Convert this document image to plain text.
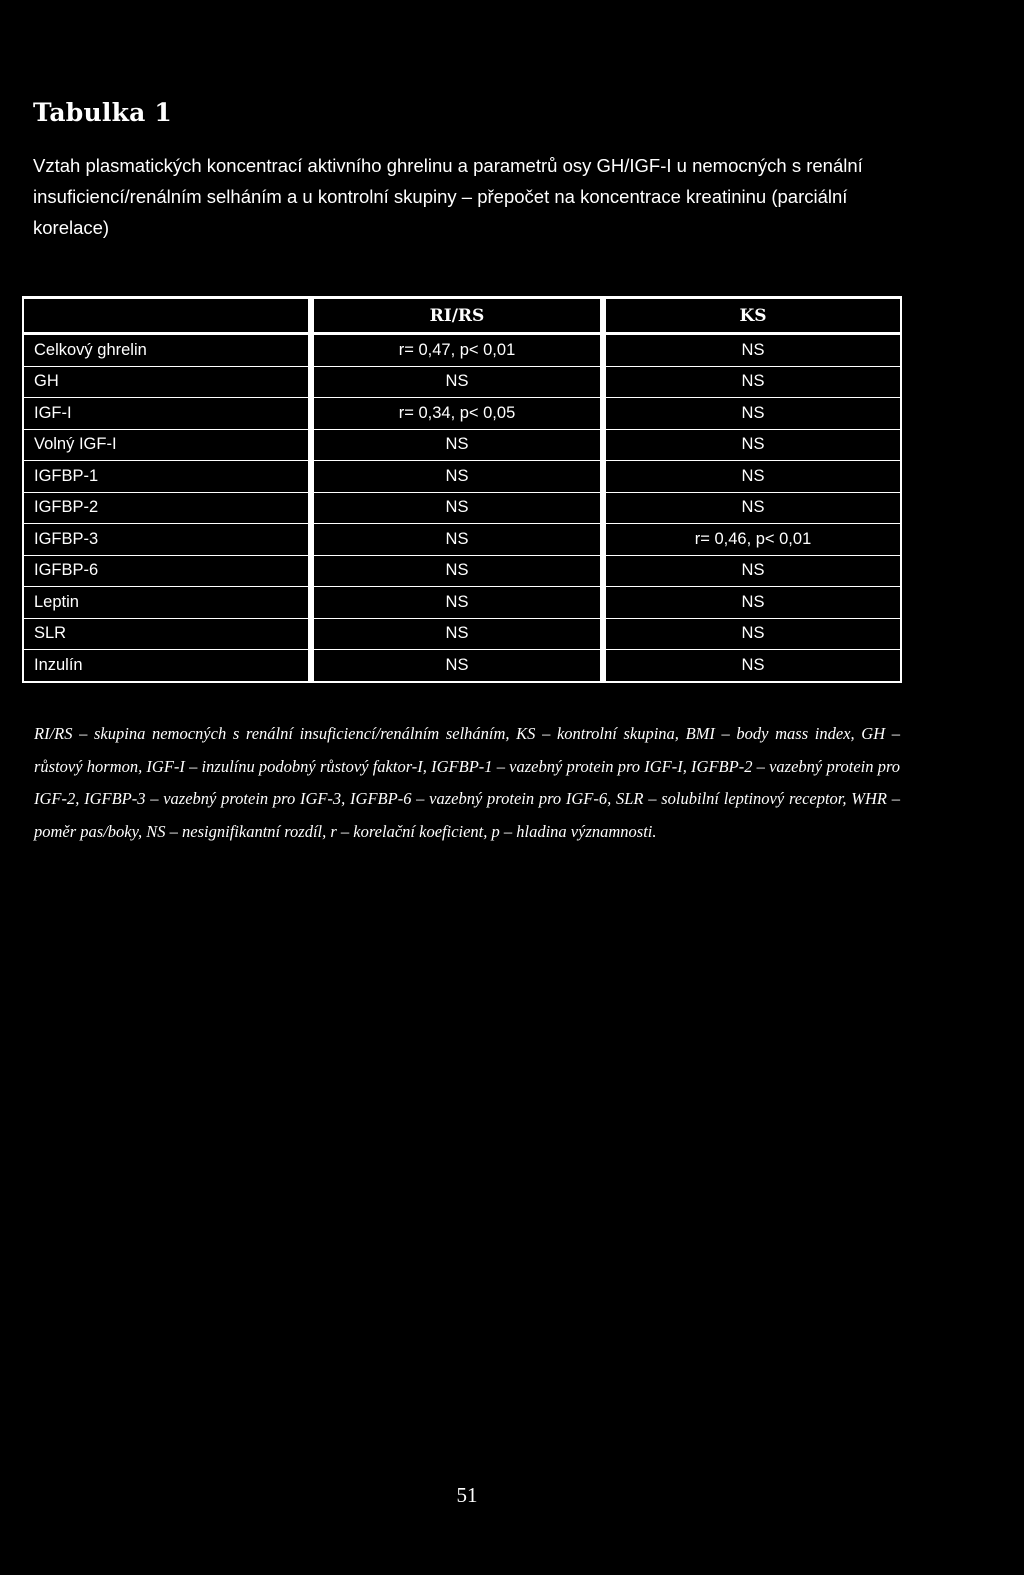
Tabulka 1

Vztah plasmatických koncentrací aktivního ghrelinu a parametrů osy GH/IGF-I u nemocných s renální insuficiencí/renálním selháním a u kontrolní skupiny – přepočet na koncentrace kreatininu (parciální korelace)

	RI/RS	KS
Celkový ghrelin	r= 0,47, p< 0,01	NS
GH	NS	NS
IGF-I	r= 0,34, p< 0,05	NS
Volný IGF-I	NS	NS
IGFBP-1	NS	NS
IGFBP-2	NS	NS
IGFBP-3	NS	r= 0,46, p< 0,01
IGFBP-6	NS	NS
Leptin	NS	NS
SLR	NS	NS
Inzulín	NS	NS

RI/RS – skupina nemocných s renální insuficiencí/renálním selháním, KS – kontrolní skupina, BMI – body mass index, GH – růstový hormon, IGF-I – inzulínu podobný růstový faktor-I, IGFBP-1 – vazebný protein pro IGF-I, IGFBP-2 – vazebný protein pro IGF-2, IGFBP-3 – vazebný protein pro IGF-3, IGFBP-6 – vazebný protein pro IGF-6, SLR – solubilní leptinový receptor, WHR – poměr pas/boky, NS – nesignifikantní rozdíl, r – korelační koeficient, p – hladina významnosti.

51
